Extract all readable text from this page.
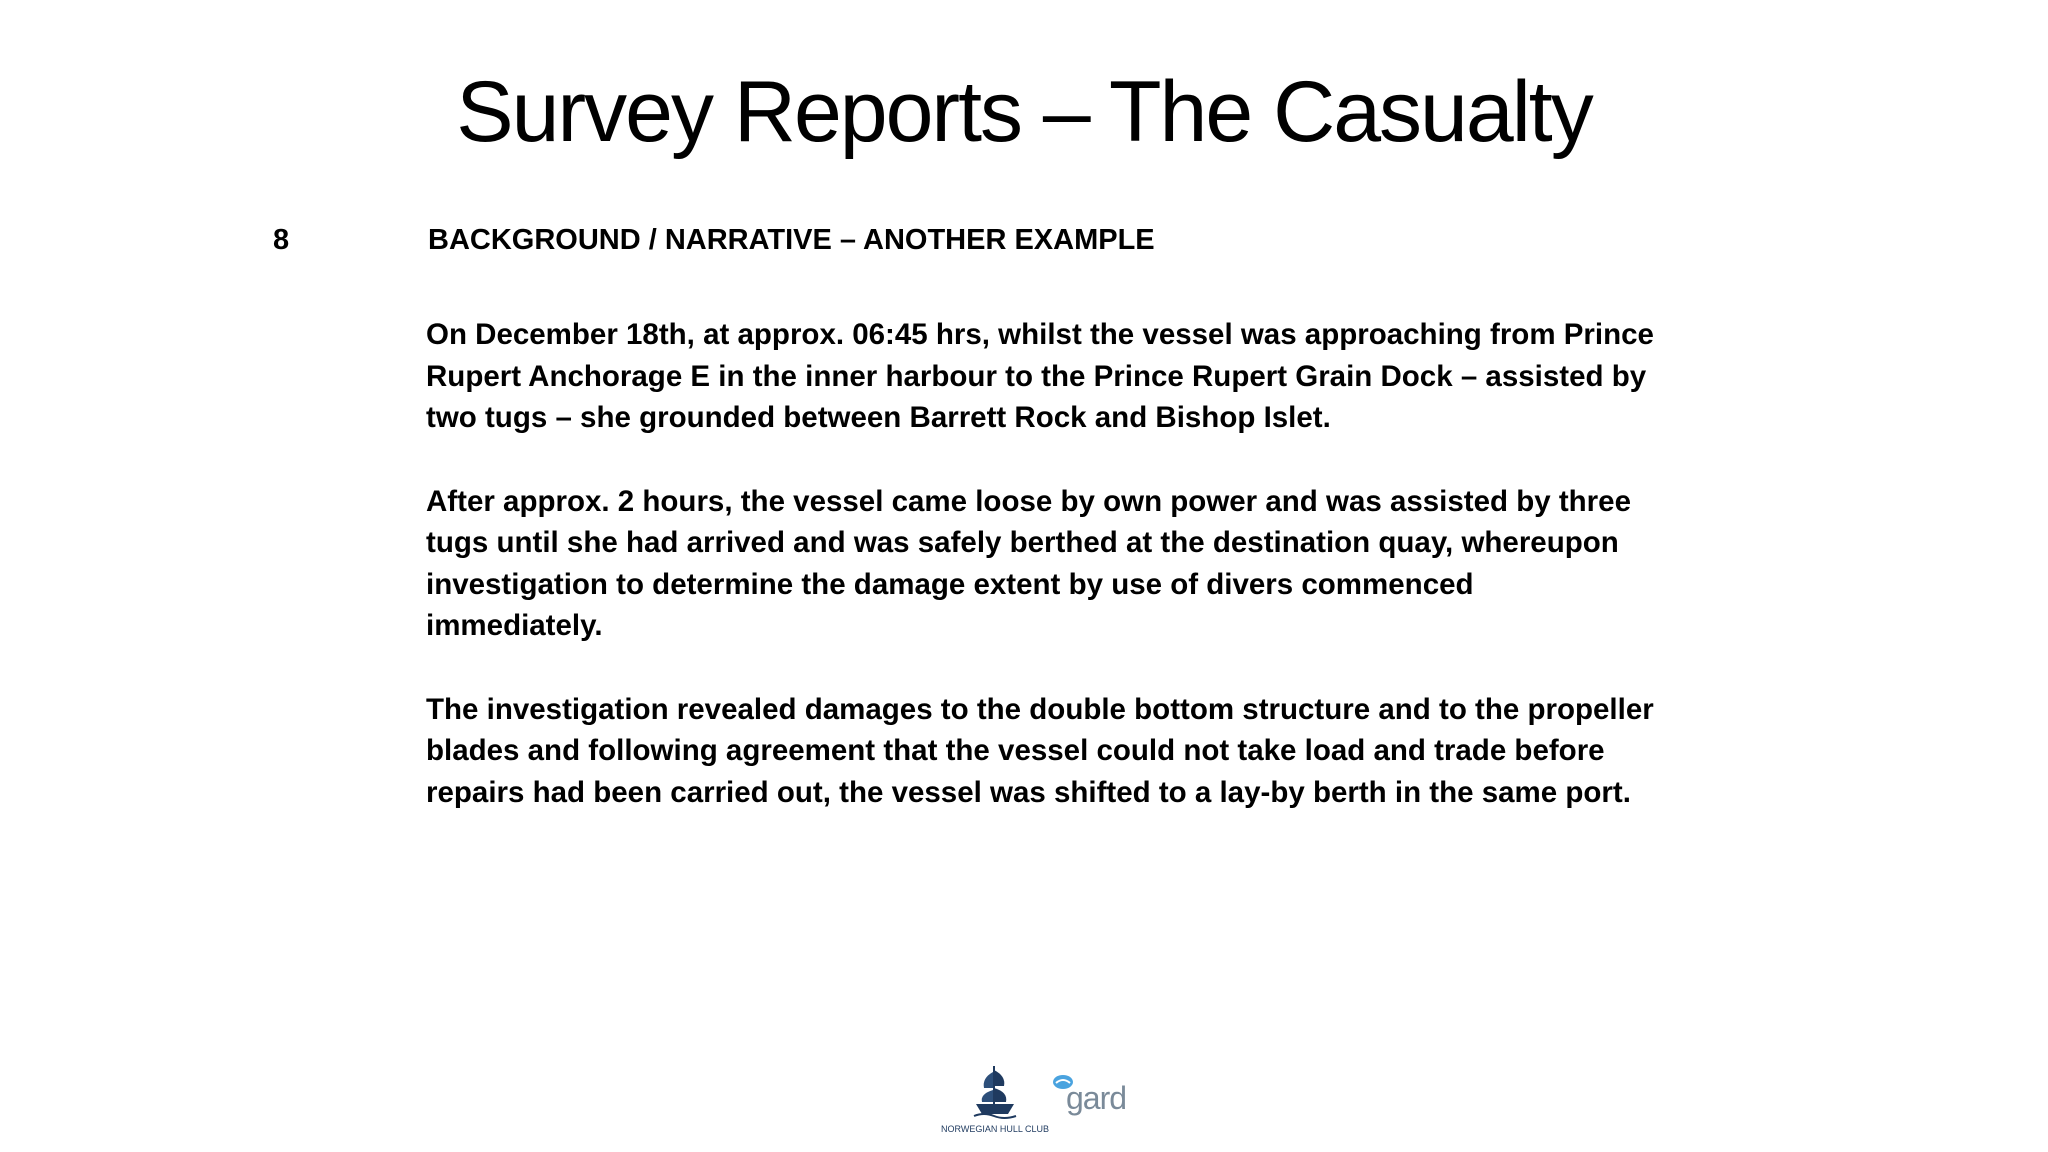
Survey Reports – The Casualty
8	BACKGROUND / NARRATIVE – ANOTHER EXAMPLE

On December 18th, at approx. 06:45 hrs, whilst the vessel was approaching from Prince Rupert Anchorage E in the inner harbour to the Prince Rupert Grain Dock – assisted by two tugs – she grounded between Barrett Rock and Bishop Islet.

After approx. 2 hours, the vessel came loose by own power and was assisted by three tugs until she had arrived and was safely berthed at the destination quay, whereupon investigation to determine the damage extent by use of divers commenced immediately.

The investigation revealed damages to the double bottom structure and to the propeller blades and following agreement that the vessel could not take load and trade before repairs had been carried out, the vessel was shifted to a lay-by berth in the same port.

NORWEGIAN HULL CLUB
gard
